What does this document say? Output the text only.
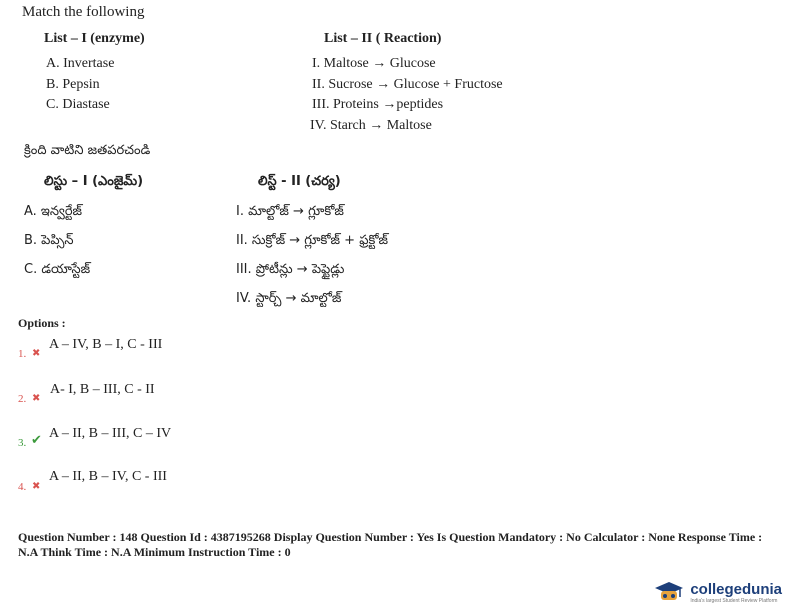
Match the following
List – I (enzyme)	List – II ( Reaction)
A. Invertase
B. Pepsin
C. Diastase
I. Maltose → Glucose
II. Sucrose → Glucose + Fructose
III. Proteins →peptides
IV. Starch → Maltose
క్రింది వాటిని జతపరచండి
లిస్టు – I (ఎంజైమ్)	లిస్ట్ - II (చర్య)
A. ఇన్వర్టేజ్
B. పెప్సిన్
C. డయాస్టేజ్
I. మాల్టోజ్ → గ్లూకోజ్
II. సుక్రోజ్ → గ్లూకోజ్ + ఫ్రక్టోజ్
III. ప్రోటీన్లు → పెప్టైడ్లు
IV. స్టార్చ్ → మాల్టోజ్
Options :
1. ✖
A – IV, B – I, C - III
2. ✖
A- I, B – III, C - II
3. ✔ A – II, B – III, C – IV
4. ✖
A – II, B – IV, C - III
Question Number : 148 Question Id : 4387195268 Display Question Number : Yes Is Question Mandatory : No Calculator : None Response Time : N.A Think Time : N.A Minimum Instruction Time : 0
collegedunia
India's largest Student Review Platform
